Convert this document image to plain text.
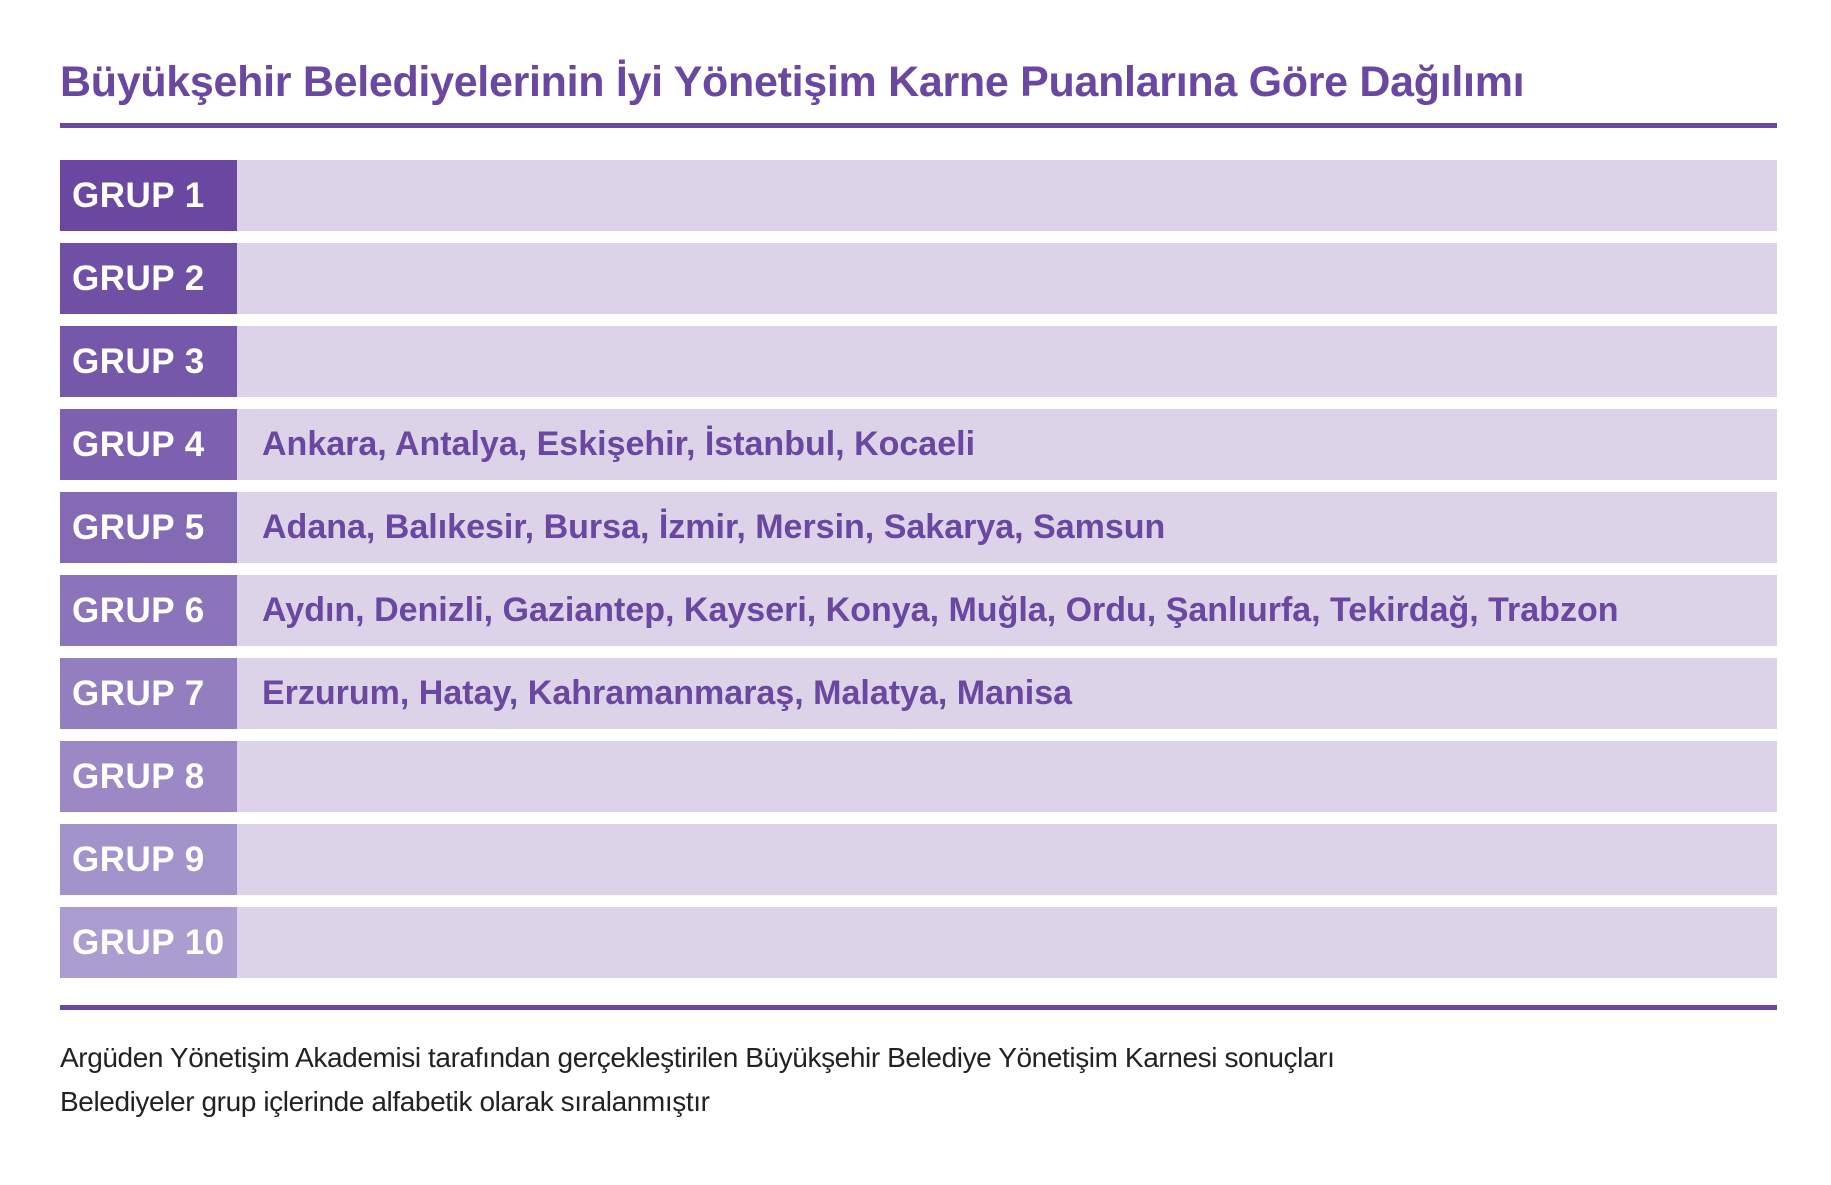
Büyükşehir Belediyelerinin İyi Yönetişim Karne Puanlarına Göre Dağılımı
GRUP 1
GRUP 2
GRUP 3
GRUP 4	Ankara, Antalya, Eskişehir, İstanbul, Kocaeli
GRUP 5	Adana, Balıkesir, Bursa, İzmir, Mersin, Sakarya, Samsun
GRUP 6	Aydın, Denizli, Gaziantep, Kayseri, Konya, Muğla, Ordu, Şanlıurfa, Tekirdağ, Trabzon
GRUP 7	Erzurum, Hatay, Kahramanmaraş, Malatya, Manisa
GRUP 8
GRUP 9
GRUP 10
Argüden Yönetişim Akademisi tarafından gerçekleştirilen Büyükşehir Belediye Yönetişim Karnesi sonuçları
Belediyeler grup içlerinde alfabetik olarak sıralanmıştır
